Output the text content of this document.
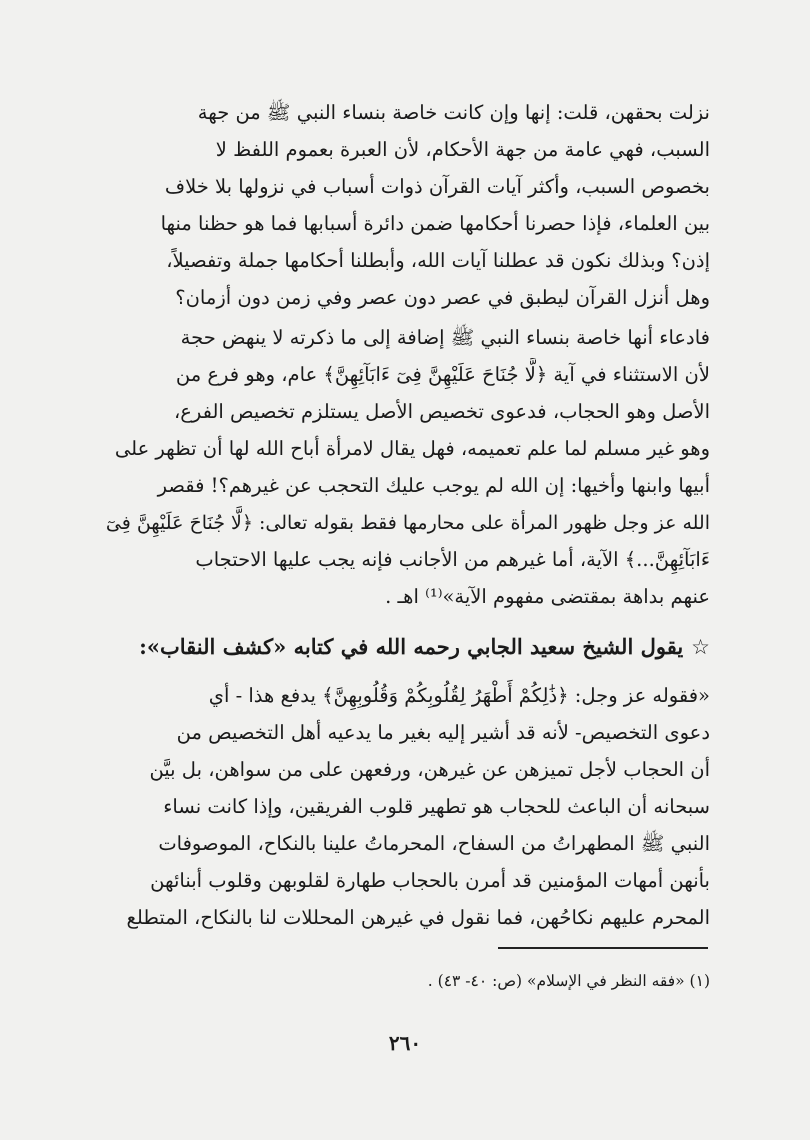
نزلت بحقهن، قلت: إنها وإن كانت خاصة بنساء النبي ﷺ من جهة
السبب، فهي عامة من جهة الأحكام، لأن العبرة بعموم اللفظ لا
بخصوص السبب، وأكثر آيات القرآن ذوات أسباب في نزولها بلا خلاف
بين العلماء، فإذا حصرنا أحكامها ضمن دائرة أسبابها فما هو حظنا منها
إذن؟ وبذلك نكون قد عطلنا آيات الله، وأبطلنا أحكامها جملة وتفصيلاً،
وهل أنزل القرآن ليطبق في عصر دون عصر وفي زمن دون أزمان؟
فادعاء أنها خاصة بنساء النبي ﷺ إضافة إلى ما ذكرته لا ينهض حجة
لأن الاستثناء في آية ﴿لَّا جُنَاحَ عَلَيْهِنَّ فِىٓ ءَابَآئِهِنَّ﴾ عام، وهو فرع من
الأصل وهو الحجاب، فدعوى تخصيص الأصل يستلزم تخصيص الفرع،
وهو غير مسلم لما علم تعميمه، فهل يقال لامرأة أباح الله لها أن تظهر على
أبيها وابنها وأخيها: إن الله لم يوجب عليك التحجب عن غيرهم؟! فقصر
الله عز وجل ظهور المرأة على محارمها فقط بقوله تعالى: ﴿لَّا جُنَاحَ عَلَيْهِنَّ فِىٓ
ءَابَآئِهِنَّ...﴾ الآية، أما غيرهم من الأجانب فإنه يجب عليها الاحتجاب
عنهم بداهة بمقتضى مفهوم الآية»⁽¹⁾ اهـ .
☆يقول الشيخ سعيد الجابي رحمه الله في كتابه «كشف النقاب»:
«فقوله عز وجل: ﴿ذَٰلِكُمْ أَطْهَرُ لِقُلُوبِكُمْ وَقُلُوبِهِنَّ﴾ يدفع هذا - أي
دعوى التخصيص- لأنه قد أشير إليه بغير ما يدعيه أهل التخصيص من
أن الحجاب لأجل تميزهن عن غيرهن، ورفعهن على من سواهن، بل بيَّن
سبحانه أن الباعث للحجاب هو تطهير قلوب الفريقين، وإذا كانت نساء
النبي ﷺ المطهراتُ من السفاح، المحرماتُ علينا بالنكاح، الموصوفات
بأنهن أمهات المؤمنين قد أمرن بالحجاب طهارة لقلوبهن وقلوب أبنائهن
المحرم عليهم نكاحُهن، فما نقول في غيرهن المحللات لنا بالنكاح، المتطلع
(١) «فقه النظر في الإسلام» (ص: ٤٠- ٤٣) .
٢٦٠
